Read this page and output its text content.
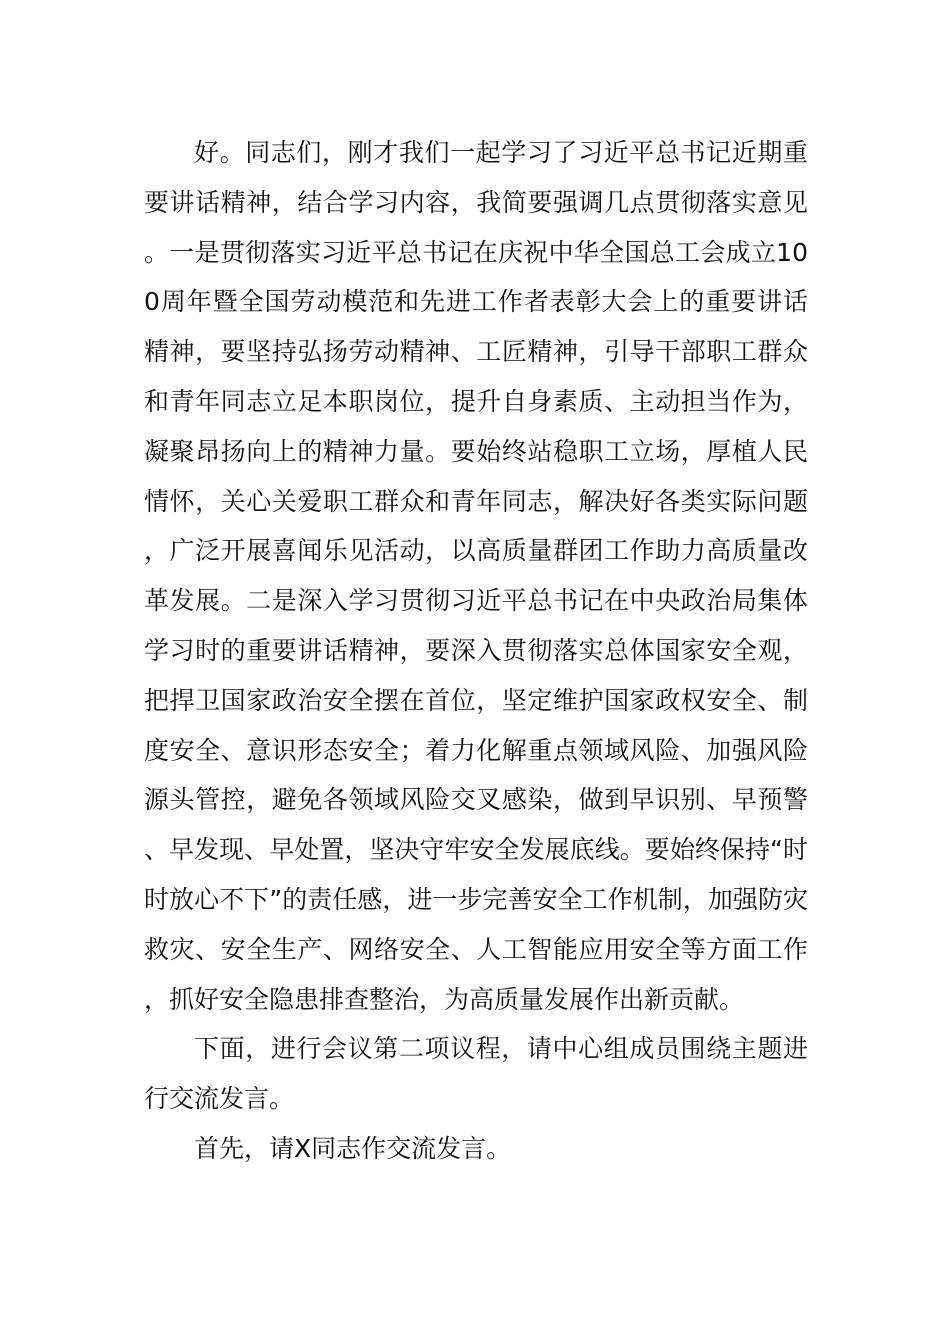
好。同志们，刚才我们一起学习了习近平总书记近期重要讲话精神，结合学习内容，我简要强调几点贯彻落实意见。一是贯彻落实习近平总书记在庆祝中华全国总工会成立100周年暨全国劳动模范和先进工作者表彰大会上的重要讲话精神，要坚持弘扬劳动精神、工匠精神，引导干部职工群众和青年同志立足本职岗位，提升自身素质、主动担当作为，凝聚昂扬向上的精神力量。要始终站稳职工立场，厚植人民情怀，关心关爱职工群众和青年同志，解决好各类实际问题，广泛开展喜闻乐见活动，以高质量群团工作助力高质量改革发展。二是深入学习贯彻习近平总书记在中央政治局集体学习时的重要讲话精神，要深入贯彻落实总体国家安全观，把捍卫国家政治安全摆在首位，坚定维护国家政权安全、制度安全、意识形态安全；着力化解重点领域风险、加强风险源头管控，避免各领域风险交叉感染，做到早识别、早预警、早发现、早处置，坚决守牢安全发展底线。要始终保持“时时放心不下”的责任感，进一步完善安全工作机制，加强防灾救灾、安全生产、网络安全、人工智能应用安全等方面工作，抓好安全隐患排查整治，为高质量发展作出新贡献。

下面，进行会议第二项议程，请中心组成员围绕主题进行交流发言。

首先，请X同志作交流发言。
